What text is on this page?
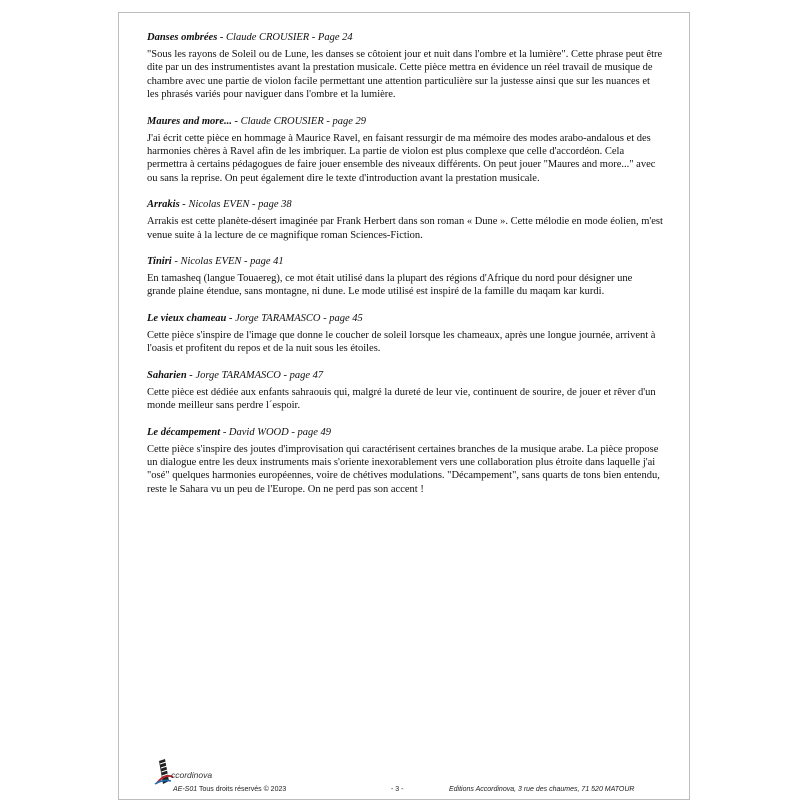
Danses ombrées - Claude CROUSIER - Page 24

"Sous les rayons de Soleil ou de Lune, les danses se côtoient jour et nuit dans l'ombre et la lumière". Cette phrase peut être dite par un des instrumentistes avant la prestation musicale. Cette pièce mettra en évidence un réel travail de musique de chambre avec une partie de violon facile permettant une attention particulière sur la justesse ainsi que sur les nuances et les phrasés variés pour naviguer dans l'ombre et la lumière.

Maures and more... - Claude CROUSIER - page 29

J'ai écrit cette pièce en hommage à Maurice Ravel, en faisant ressurgir de ma mémoire des modes arabo-andalous et des harmonies chères à Ravel afin de les imbriquer. La partie de violon est plus complexe que celle d'accordéon. Cela permettra à certains pédagogues de faire jouer ensemble des niveaux différents. On peut jouer "Maures and more..." avec ou sans la reprise. On peut également dire le texte d'introduction avant la prestation musicale.

Arrakis - Nicolas EVEN - page 38

Arrakis est cette planète-désert imaginée par Frank Herbert dans son roman « Dune ». Cette mélodie en mode éolien, m'est venue suite à la lecture de ce magnifique roman Sciences-Fiction.

Tiniri - Nicolas EVEN - page 41

En tamasheq (langue Touaereg), ce mot était utilisé dans la plupart des régions d'Afrique du nord pour désigner une grande plaine étendue, sans montagne, ni dune. Le mode utilisé est inspiré de la famille du maqam kar kurdi.

Le vieux chameau - Jorge TARAMASCO - page 45

Cette pièce s'inspire de l'image que donne le coucher de soleil lorsque les chameaux, après une longue journée, arrivent à l'oasis et profitent du repos et de la nuit sous les étoiles.

Saharien - Jorge TARAMASCO - page 47

Cette pièce est dédiée aux enfants sahraouis qui, malgré la dureté de leur vie, continuent de sourire, de jouer et rêver d'un monde meilleur sans perdre l´espoir.

Le décampement - David WOOD - page 49

Cette pièce s'inspire des joutes d'improvisation qui caractérisent certaines branches de la musique arabe. La pièce propose un dialogue entre les deux instruments mais s'oriente inexorablement vers une collaboration plus étroite dans laquelle j'ai "osé" quelques harmonies européennes, voire de chétives modulations. "Décampement", sans quarts de tons bien entendu, reste le Sahara vu un peu de l'Europe. On ne perd pas son accent !

ccordinova
AE-S01 Tous droits réservés © 2023	- 3 -	Editions Accordinova, 3 rue des chaumes, 71 520 MATOUR
